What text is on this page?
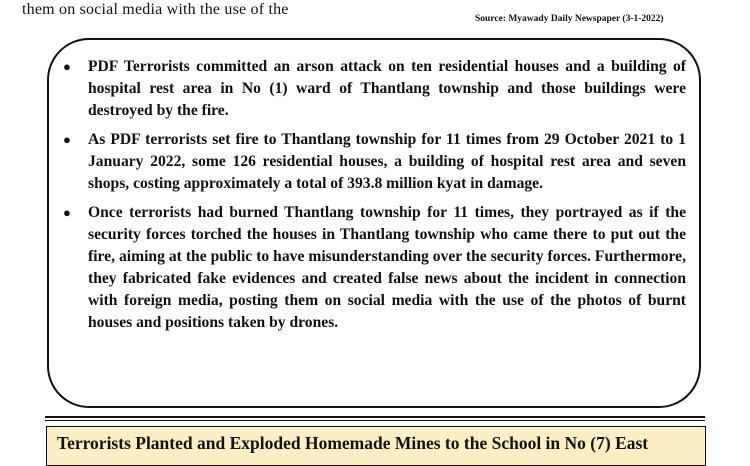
them on social media with the use of the
Source: Myawady Daily Newspaper (3-1-2022)
● PDF Terrorists committed an arson attack on ten residential houses and a building of hospital rest area in No (1) ward of Thantlang township and those buildings were destroyed by the fire.
● As PDF terrorists set fire to Thantlang township for 11 times from 29 October 2021 to 1 January 2022, some 126 residential houses, a building of hospital rest area and seven shops, costing approximately a total of 393.8 million kyat in damage.
● Once terrorists had burned Thantlang township for 11 times, they portrayed as if the security forces torched the houses in Thantlang township who came there to put out the fire, aiming at the public to have misunderstanding over the security forces. Furthermore, they fabricated fake evidences and created false news about the incident in connection with foreign media, posting them on social media with the use of the photos of burnt houses and positions taken by drones.
Terrorists Planted and Exploded Homemade Mines to the School in No (7) East
